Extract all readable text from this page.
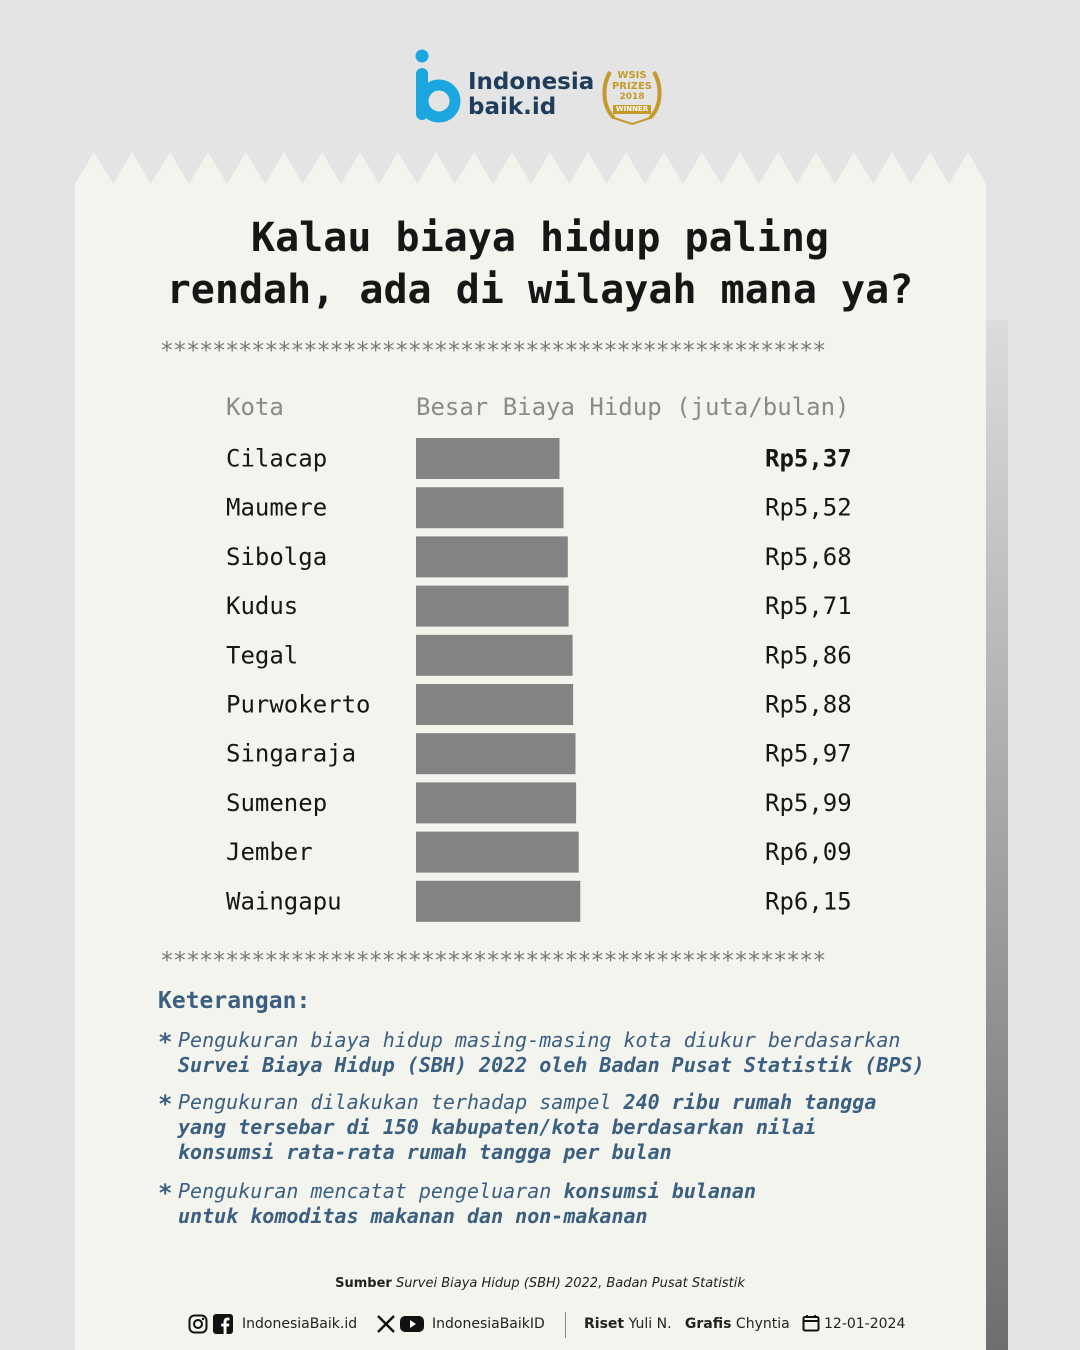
Indonesia
baik.id
WSIS
PRIZES
2018
WINNER
Kalau biaya hidup paling
rendah, ada di wilayah mana ya?
***************************************************
Kota	Besar Biaya Hidup (juta/bulan)
Cilacap	Rp5,37
Maumere	Rp5,52
Sibolga	Rp5,68
Kudus	Rp5,71
Tegal	Rp5,86
Purwokerto	Rp5,88
Singaraja	Rp5,97
Sumenep	Rp5,99
Jember	Rp6,09
Waingapu	Rp6,15
***************************************************
Keterangan:
* Pengukuran biaya hidup masing-masing kota diukur berdasarkan
Survei Biaya Hidup (SBH) 2022 oleh Badan Pusat Statistik (BPS)
* Pengukuran dilakukan terhadap sampel 240 ribu rumah tangga
yang tersebar di 150 kabupaten/kota berdasarkan nilai
konsumsi rata-rata rumah tangga per bulan
* Pengukuran mencatat pengeluaran konsumsi bulanan
untuk komoditas makanan dan non-makanan
Sumber Survei Biaya Hidup (SBH) 2022, Badan Pusat Statistik
IndonesiaBaik.id	IndonesiaBaikID	Riset Yuli N. Grafis Chyntia 12-01-2024
